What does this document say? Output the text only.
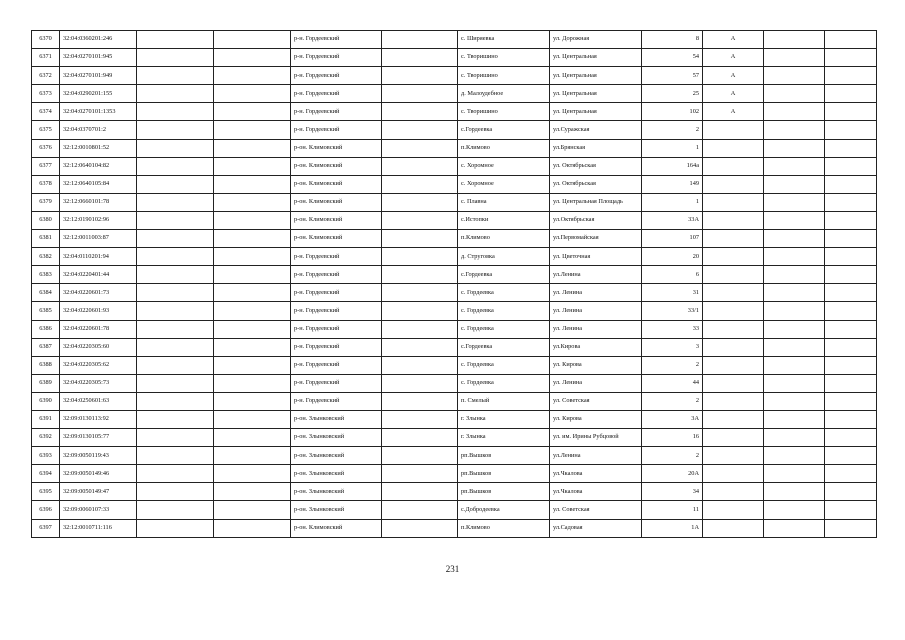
6370	32:04:0360201:246			р-н. Гордеевский		с. Ширяевка	ул. Дорожная	8	А		
6371	32:04:0270101:945			р-н. Гордеевский		с. Творишино	ул. Центральная	54	А		
6372	32:04:0270101:949			р-н. Гордеевский		с. Творишино	ул. Центральная	57	А		
6373	32:04:0290201:155			р-н. Гордеевский		д. Малоудебное	ул. Центральная	25	А		
6374	32:04:0270101:1353			р-н. Гордеевский		с. Творишино	ул. Центральная	102	А		
6375	32:04:0370701:2			р-н. Гордеевский		с.Гордеевка	ул.Суражская	2			
6376	32:12:0010801:52			р-он. Климовский		п.Климово	ул.Брянская	1			
6377	32:12:0640104:82			р-он. Климовский		с. Хоромное	ул. Октябрьская	164а			
6378	32:12:0640105:84			р-он. Климовский		с. Хоромное	ул. Октябрьская	149			
6379	32:12:0660101:78			р-он. Климовский		с. Плавна	ул. Центральная Площадь	1			
6380	32:12:0190102:96			р-он. Климовский		с.Истопки	ул.Октябрьская	33А			
6381	32:12:0011003:87			р-он. Климовский		п.Климово	ул.Первомайская	107			
6382	32:04:0110201:94			р-н. Гордеевский		д. Струговка	ул. Цветочная	20			
6383	32:04:0220401:44			р-н. Гордеевский		с.Гордеевка	ул.Ленина	6			
6384	32:04:0220601:73			р-н. Гордеевский		с. Гордеевка	ул. Ленина	31			
6385	32:04:0220601:93			р-н. Гордеевский		с. Гордеевка	ул. Ленина	33/1			
6386	32:04:0220601:78			р-н. Гордеевский		с. Гордеевка	ул. Ленина	33			
6387	32:04:0220305:60			р-н. Гордеевский		с.Гордеевка	ул.Кирова	3			
6388	32:04:0220305:62			р-н. Гордеевский		с. Гордеевка	ул. Кирова	2			
6389	32:04:0220305:73			р-н. Гордеевский		с. Гордеевка	ул. Ленина	44			
6390	32:04:0250601:63			р-н. Гордеевский		п. Смелый	ул. Советская	2			
6391	32:09:0130113:92			р-он. Злынковский		г. Злынка	ул. Кирова	3А			
6392	32:09:0130105:77			р-он. Злынковский		г. Злынка	ул. им. Ирины Рубцовой	16			
6393	32:09:0050119:43			р-он. Злынковский		рп.Вышков	ул.Ленина	2			
6394	32:09:0050149:46			р-он. Злынковский		рп.Вышков	ул.Чкалова	20А			
6395	32:09:0050149:47			р-он. Злынковский		рп.Вышков	ул.Чкалова	34			
6396	32:09:0060107:33			р-он. Злынковский		с.Добродеевка	ул. Советская	11			
6397	32:12:0010711:116			р-он. Климовский		п.Климово	ул.Садовая	1А			
231
